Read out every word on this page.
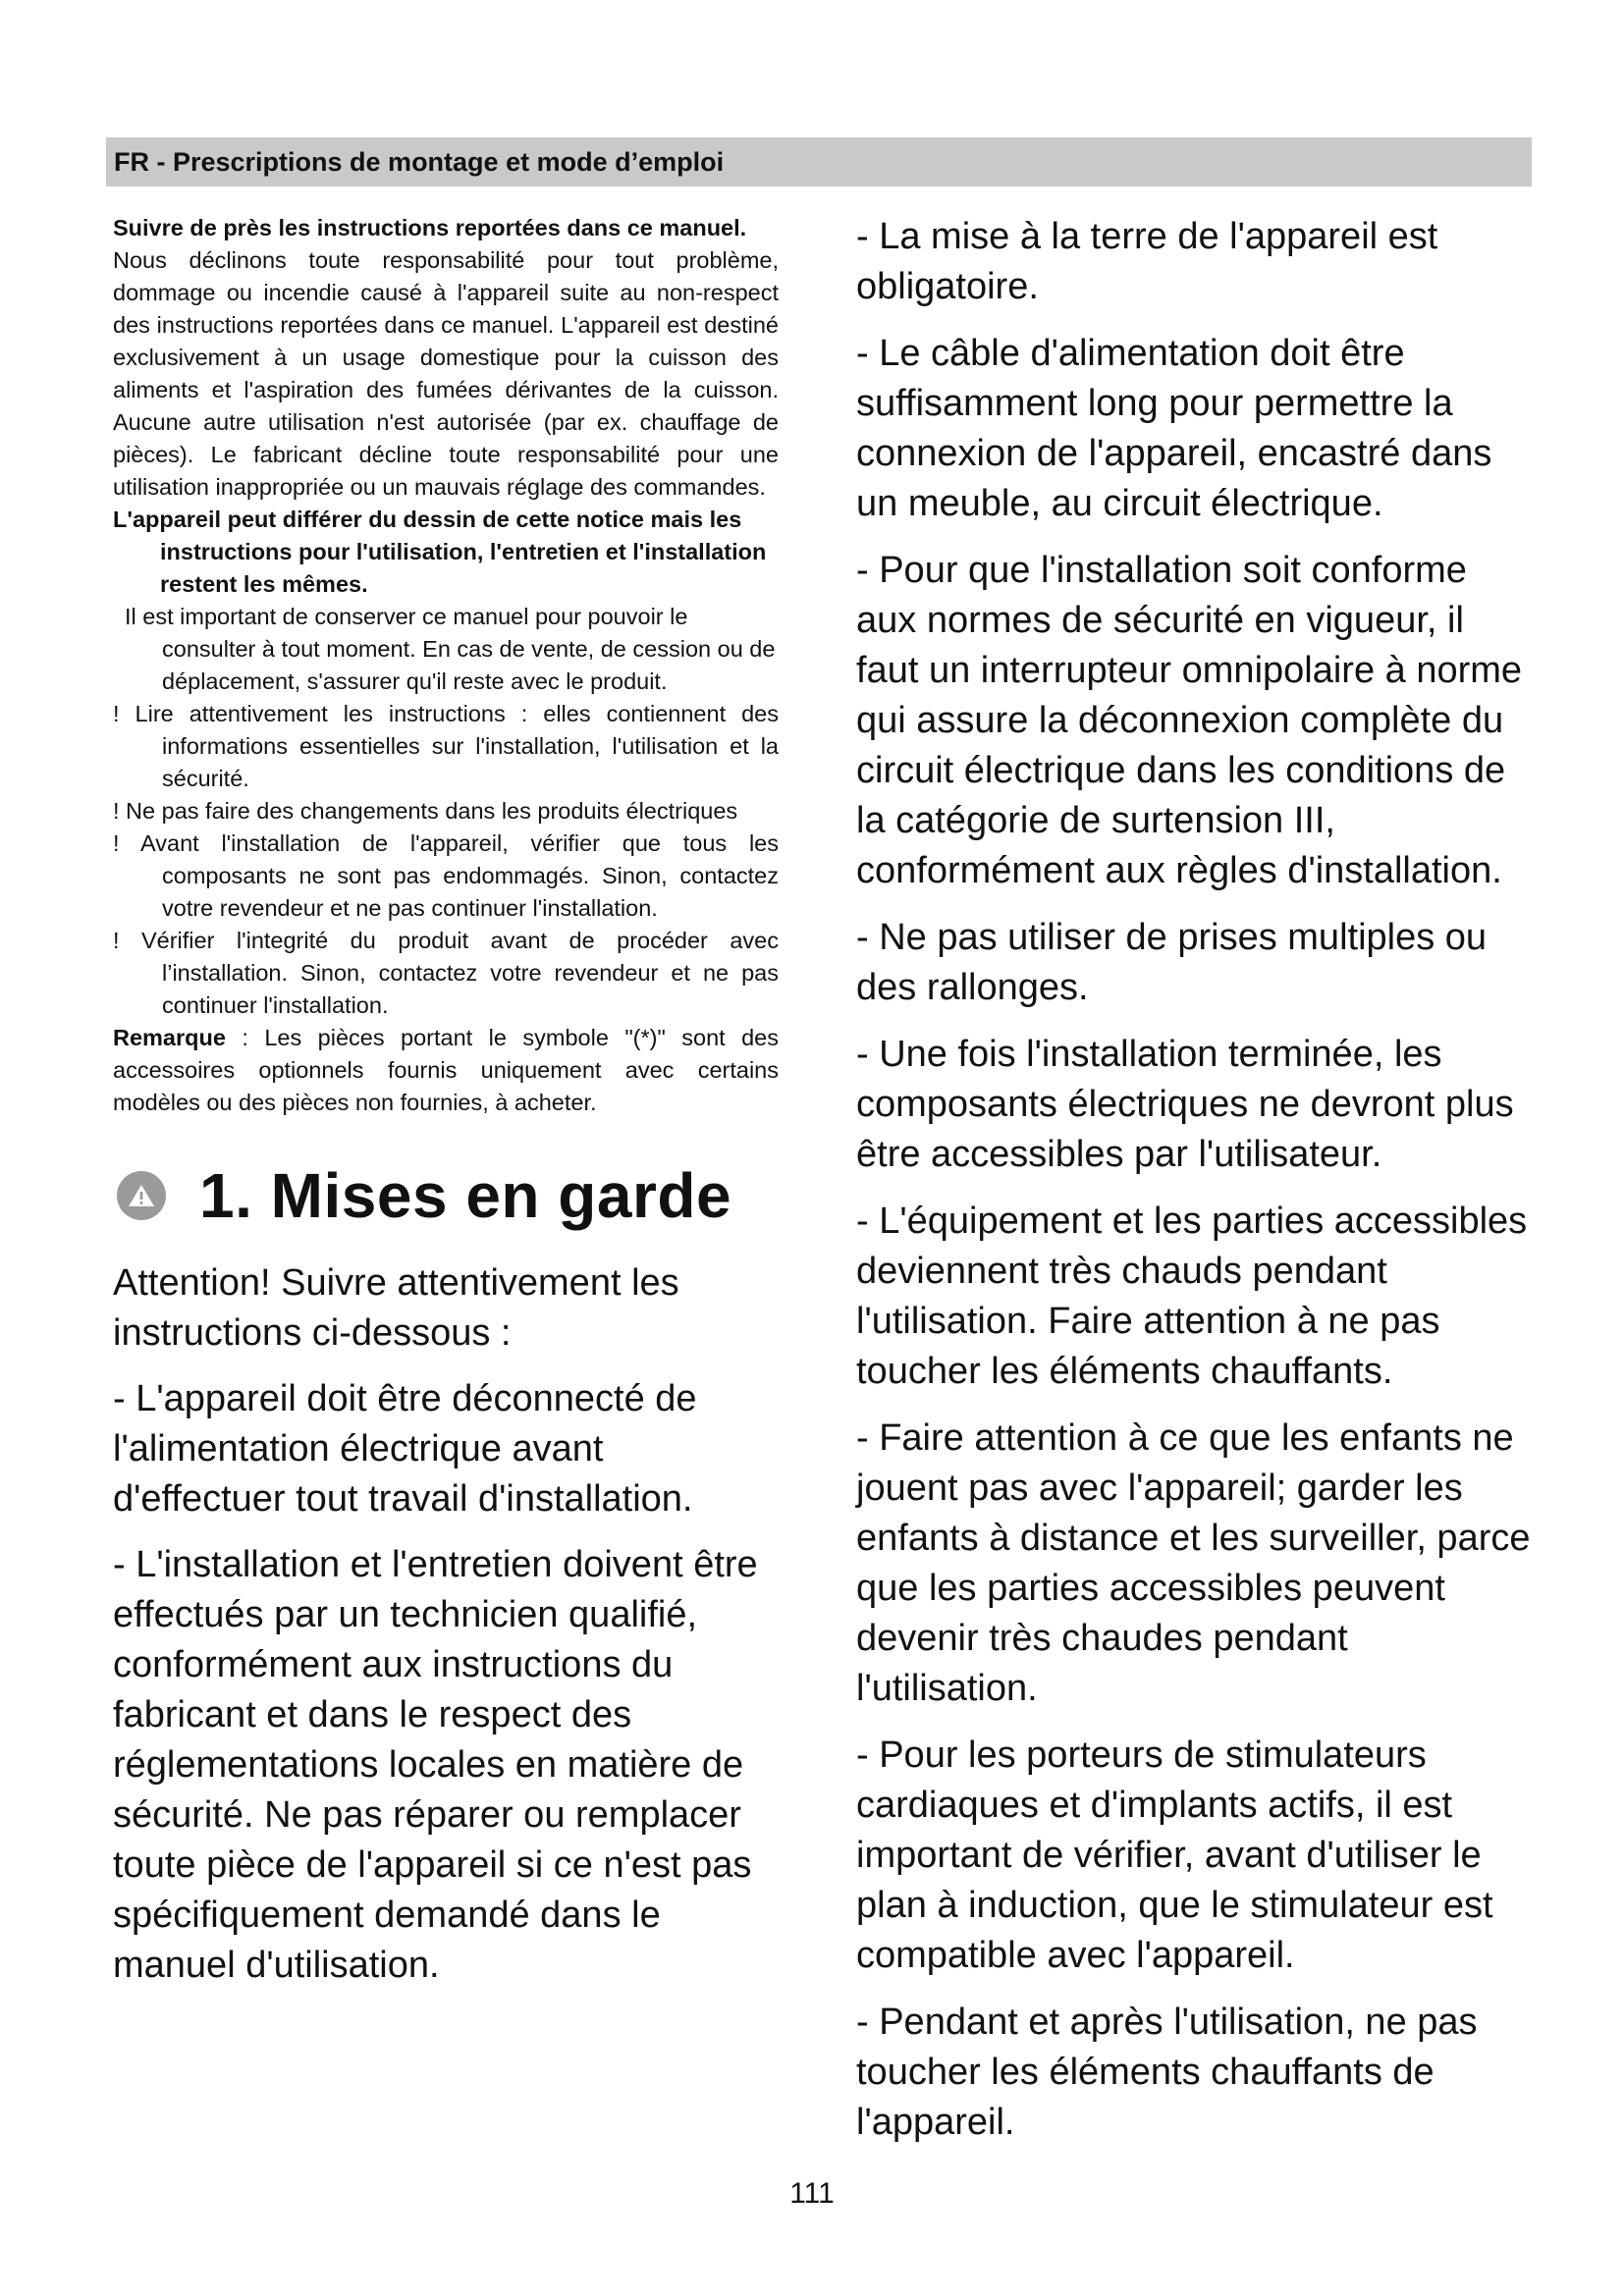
FR - Prescriptions de montage et mode d’emploi

Suivre de près les instructions reportées dans ce manuel.

Nous déclinons toute responsabilité pour tout problème, dommage ou incendie causé à l'appareil suite au non-respect des instructions reportées dans ce manuel. L'appareil est destiné exclusivement à un usage domestique pour la cuisson des aliments et l'aspiration des fumées dérivantes de la cuisson. Aucune autre utilisation n'est autorisée (par ex. chauffage de pièces). Le fabricant décline toute responsabilité pour une utilisation inappropriée ou un mauvais réglage des commandes.

L'appareil peut différer du dessin de cette notice mais les instructions pour l'utilisation, l'entretien et l'installation restent les mêmes.

Il est important de conserver ce manuel pour pouvoir le consulter à tout moment. En cas de vente, de cession ou de déplacement, s'assurer qu'il reste avec le produit.

! Lire attentivement les instructions : elles contiennent des informations essentielles sur l'installation, l'utilisation et la sécurité.

! Ne pas faire des changements dans les produits électriques

! Avant l'installation de l'appareil, vérifier que tous les composants ne sont pas endommagés. Sinon, contactez votre revendeur et ne pas continuer l'installation.

! Vérifier l'integrité du produit avant de procéder avec l’installation. Sinon, contactez votre revendeur et ne pas continuer l'installation.

Remarque : Les pièces portant le symbole "(*)" sont des accessoires optionnels fournis uniquement avec certains modèles ou des pièces non fournies, à acheter.

1. Mises en garde

Attention! Suivre attentivement les instructions ci-dessous :

- L'appareil doit être déconnecté de l'alimentation électrique avant d'effectuer tout travail d'installation.

- L'installation et l'entretien doivent être effectués par un technicien qualifié, conformément aux instructions du fabricant et dans le respect des réglementations locales en matière de sécurité. Ne pas réparer ou remplacer toute pièce de l'appareil si ce n'est pas spécifiquement demandé dans le manuel d'utilisation.

- La mise à la terre de l'appareil est obligatoire.

- Le câble d'alimentation doit être suffisamment long pour permettre la connexion de l'appareil, encastré dans un meuble, au circuit électrique.

- Pour que l'installation soit conforme aux normes de sécurité en vigueur, il faut un interrupteur omnipolaire à norme qui assure la déconnexion complète du circuit électrique dans les conditions de la catégorie de surtension III, conformément aux règles d'installation.

- Ne pas utiliser de prises multiples ou des rallonges.

- Une fois l'installation terminée, les composants électriques ne devront plus être accessibles par l'utilisateur.

- L'équipement et les parties accessibles deviennent très chauds pendant l'utilisation. Faire attention à ne pas toucher les éléments chauffants.

- Faire attention à ce que les enfants ne jouent pas avec l'appareil; garder les enfants à distance et les surveiller, parce que les parties accessibles peuvent devenir très chaudes pendant l'utilisation.

- Pour les porteurs de stimulateurs cardiaques et d'implants actifs, il est important de vérifier, avant d'utiliser le plan à induction, que le stimulateur est compatible avec l'appareil.

- Pendant et après l'utilisation, ne pas toucher les éléments chauffants de l'appareil.

111
